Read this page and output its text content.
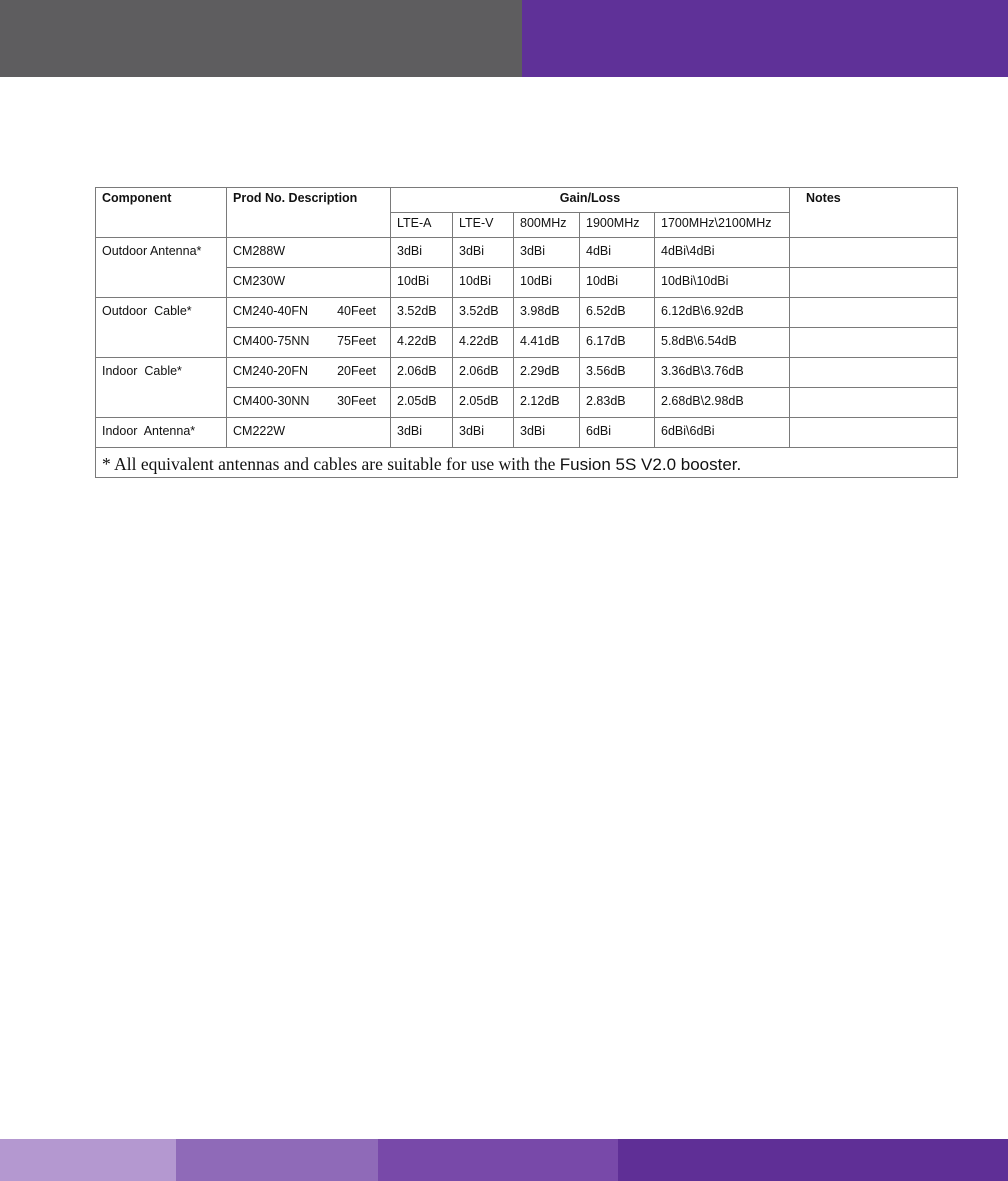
Component	Prod No. Description	Gain/Loss					Notes
		LTE-A	LTE-V	800MHz	1900MHz	1700MHz\2100MHz	
Outdoor Antenna*	CM288W	3dBi	3dBi	3dBi	4dBi	4dBi\4dBi	
	CM230W	10dBi	10dBi	10dBi	10dBi	10dBi\10dBi	
Outdoor  Cable*	CM240-40FN 40Feet	3.52dB	3.52dB	3.98dB	6.52dB	6.12dB\6.92dB	

	CM400-75NN 75Feet	4.22dB	4.22dB	4.41dB	6.17dB	5.8dB\6.54dB	
Indoor  Cable*	CM240-20FN 20Feet	2.06dB	2.06dB	2.29dB	3.56dB	3.36dB\3.76dB	

	CM400-30NN 30Feet	2.05dB	2.05dB	2.12dB	2.83dB	2.68dB\2.98dB	
Indoor  Antenna*	CM222W	3dBi	3dBi	3dBi	6dBi	6dBi\6dBi	
* All equivalent antennas and cables are suitable for use with the Fusion 5S V2.0 booster.							
